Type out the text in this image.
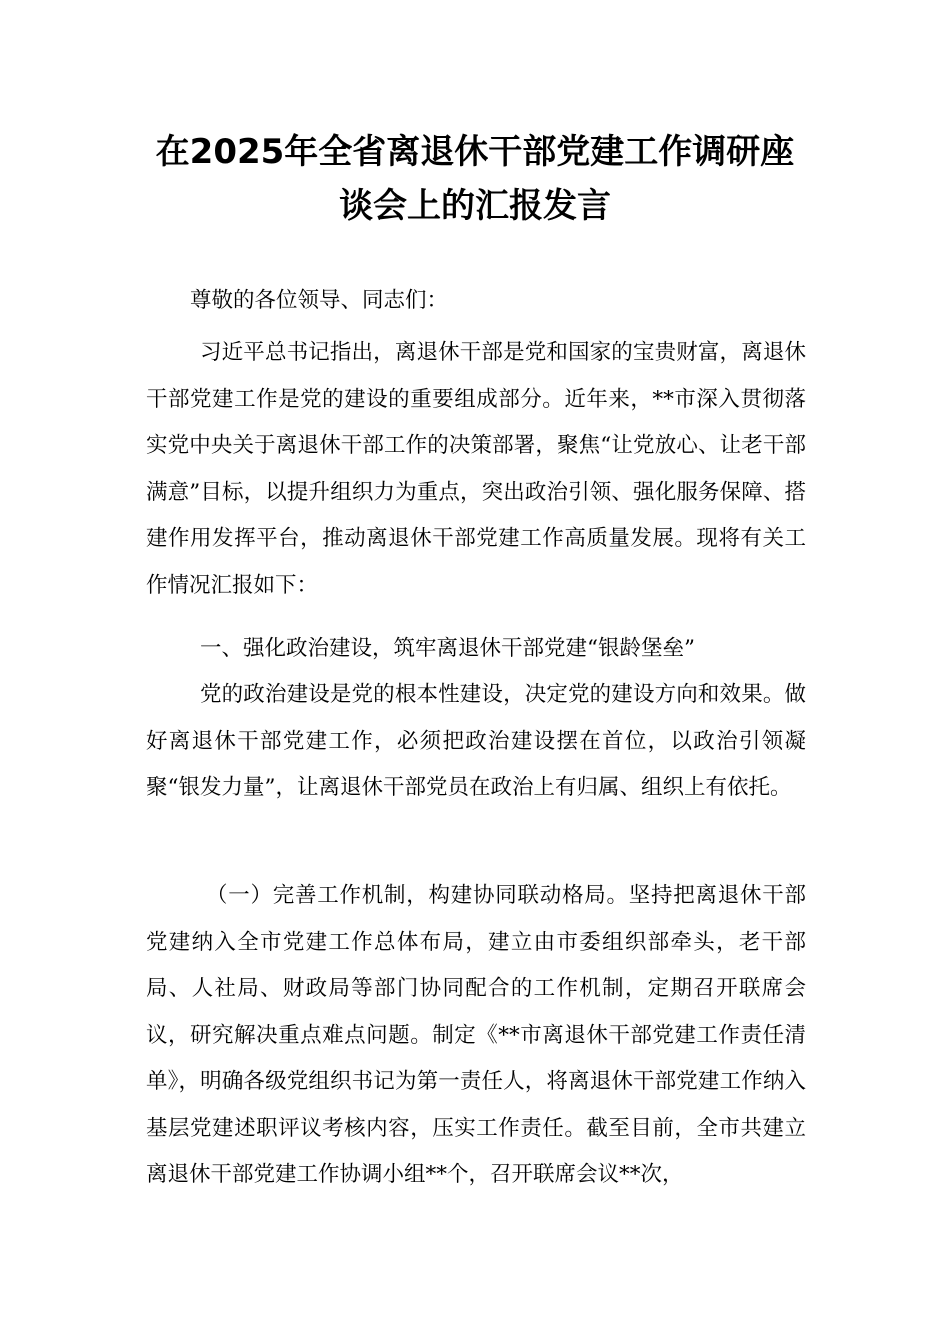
在2025年全省离退休干部党建工作调研座
谈会上的汇报发言
尊敬的各位领导、同志们：
习近平总书记指出，离退休干部是党和国家的宝贵财富，离退休干部党建工作是党的建设的重要组成部分。近年来，**市深入贯彻落实党中央关于离退休干部工作的决策部署，聚焦“让党放心、让老干部满意”目标，以提升组织力为重点，突出政治引领、强化服务保障、搭建作用发挥平台，推动离退休干部党建工作高质量发展。现将有关工作情况汇报如下：
一、强化政治建设，筑牢离退休干部党建“银龄堡垒”
党的政治建设是党的根本性建设，决定党的建设方向和效果。做好离退休干部党建工作，必须把政治建设摆在首位，以政治引领凝聚“银发力量”，让离退休干部党员在政治上有归属、组织上有依托。
（一）完善工作机制，构建协同联动格局。坚持把离退休干部党建纳入全市党建工作总体布局，建立由市委组织部牵头，老干部局、人社局、财政局等部门协同配合的工作机制，定期召开联席会议，研究解决重点难点问题。制定《**市离退休干部党建工作责任清单》，明确各级党组织书记为第一责任人，将离退休干部党建工作纳入基层党建述职评议考核内容，压实工作责任。截至目前，全市共建立离退休干部党建工作协调小组**个，召开联席会议**次，
